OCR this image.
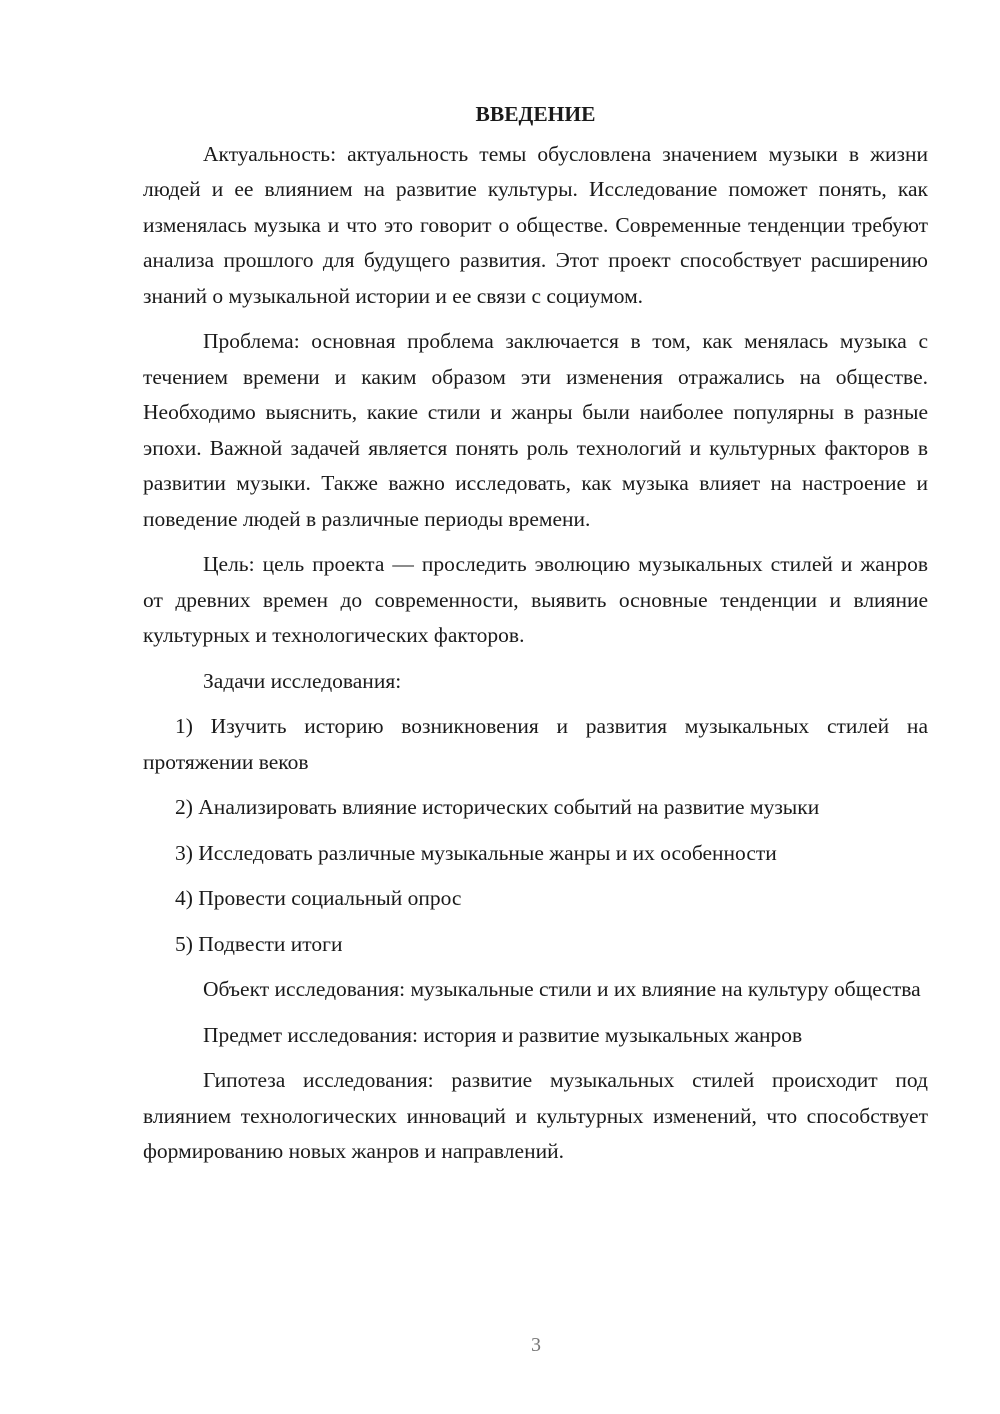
ВВЕДЕНИЕ

Актуальность: актуальность темы обусловлена значением музыки в жизни людей и ее влиянием на развитие культуры. Исследование поможет понять, как изменялась музыка и что это говорит о обществе. Современные тенденции требуют анализа прошлого для будущего развития. Этот проект способствует расширению знаний о музыкальной истории и ее связи с социумом.

Проблема: основная проблема заключается в том, как менялась музыка с течением времени и каким образом эти изменения отражались на обществе. Необходимо выяснить, какие стили и жанры были наиболее популярны в разные эпохи. Важной задачей является понять роль технологий и культурных факторов в развитии музыки. Также важно исследовать, как музыка влияет на настроение и поведение людей в различные периоды времени.

Цель: цель проекта — проследить эволюцию музыкальных стилей и жанров от древних времен до современности, выявить основные тенденции и влияние культурных и технологических факторов.

Задачи исследования:

1) Изучить историю возникновения и развития музыкальных стилей на протяжении веков

2) Анализировать влияние исторических событий на развитие музыки

3) Исследовать различные музыкальные жанры и их особенности

4) Провести социальный опрос

5) Подвести итоги

Объект исследования: музыкальные стили и их влияние на культуру общества

Предмет исследования: история и развитие музыкальных жанров

Гипотеза исследования: развитие музыкальных стилей происходит под влиянием технологических инноваций и культурных изменений, что способствует формированию новых жанров и направлений.

3
